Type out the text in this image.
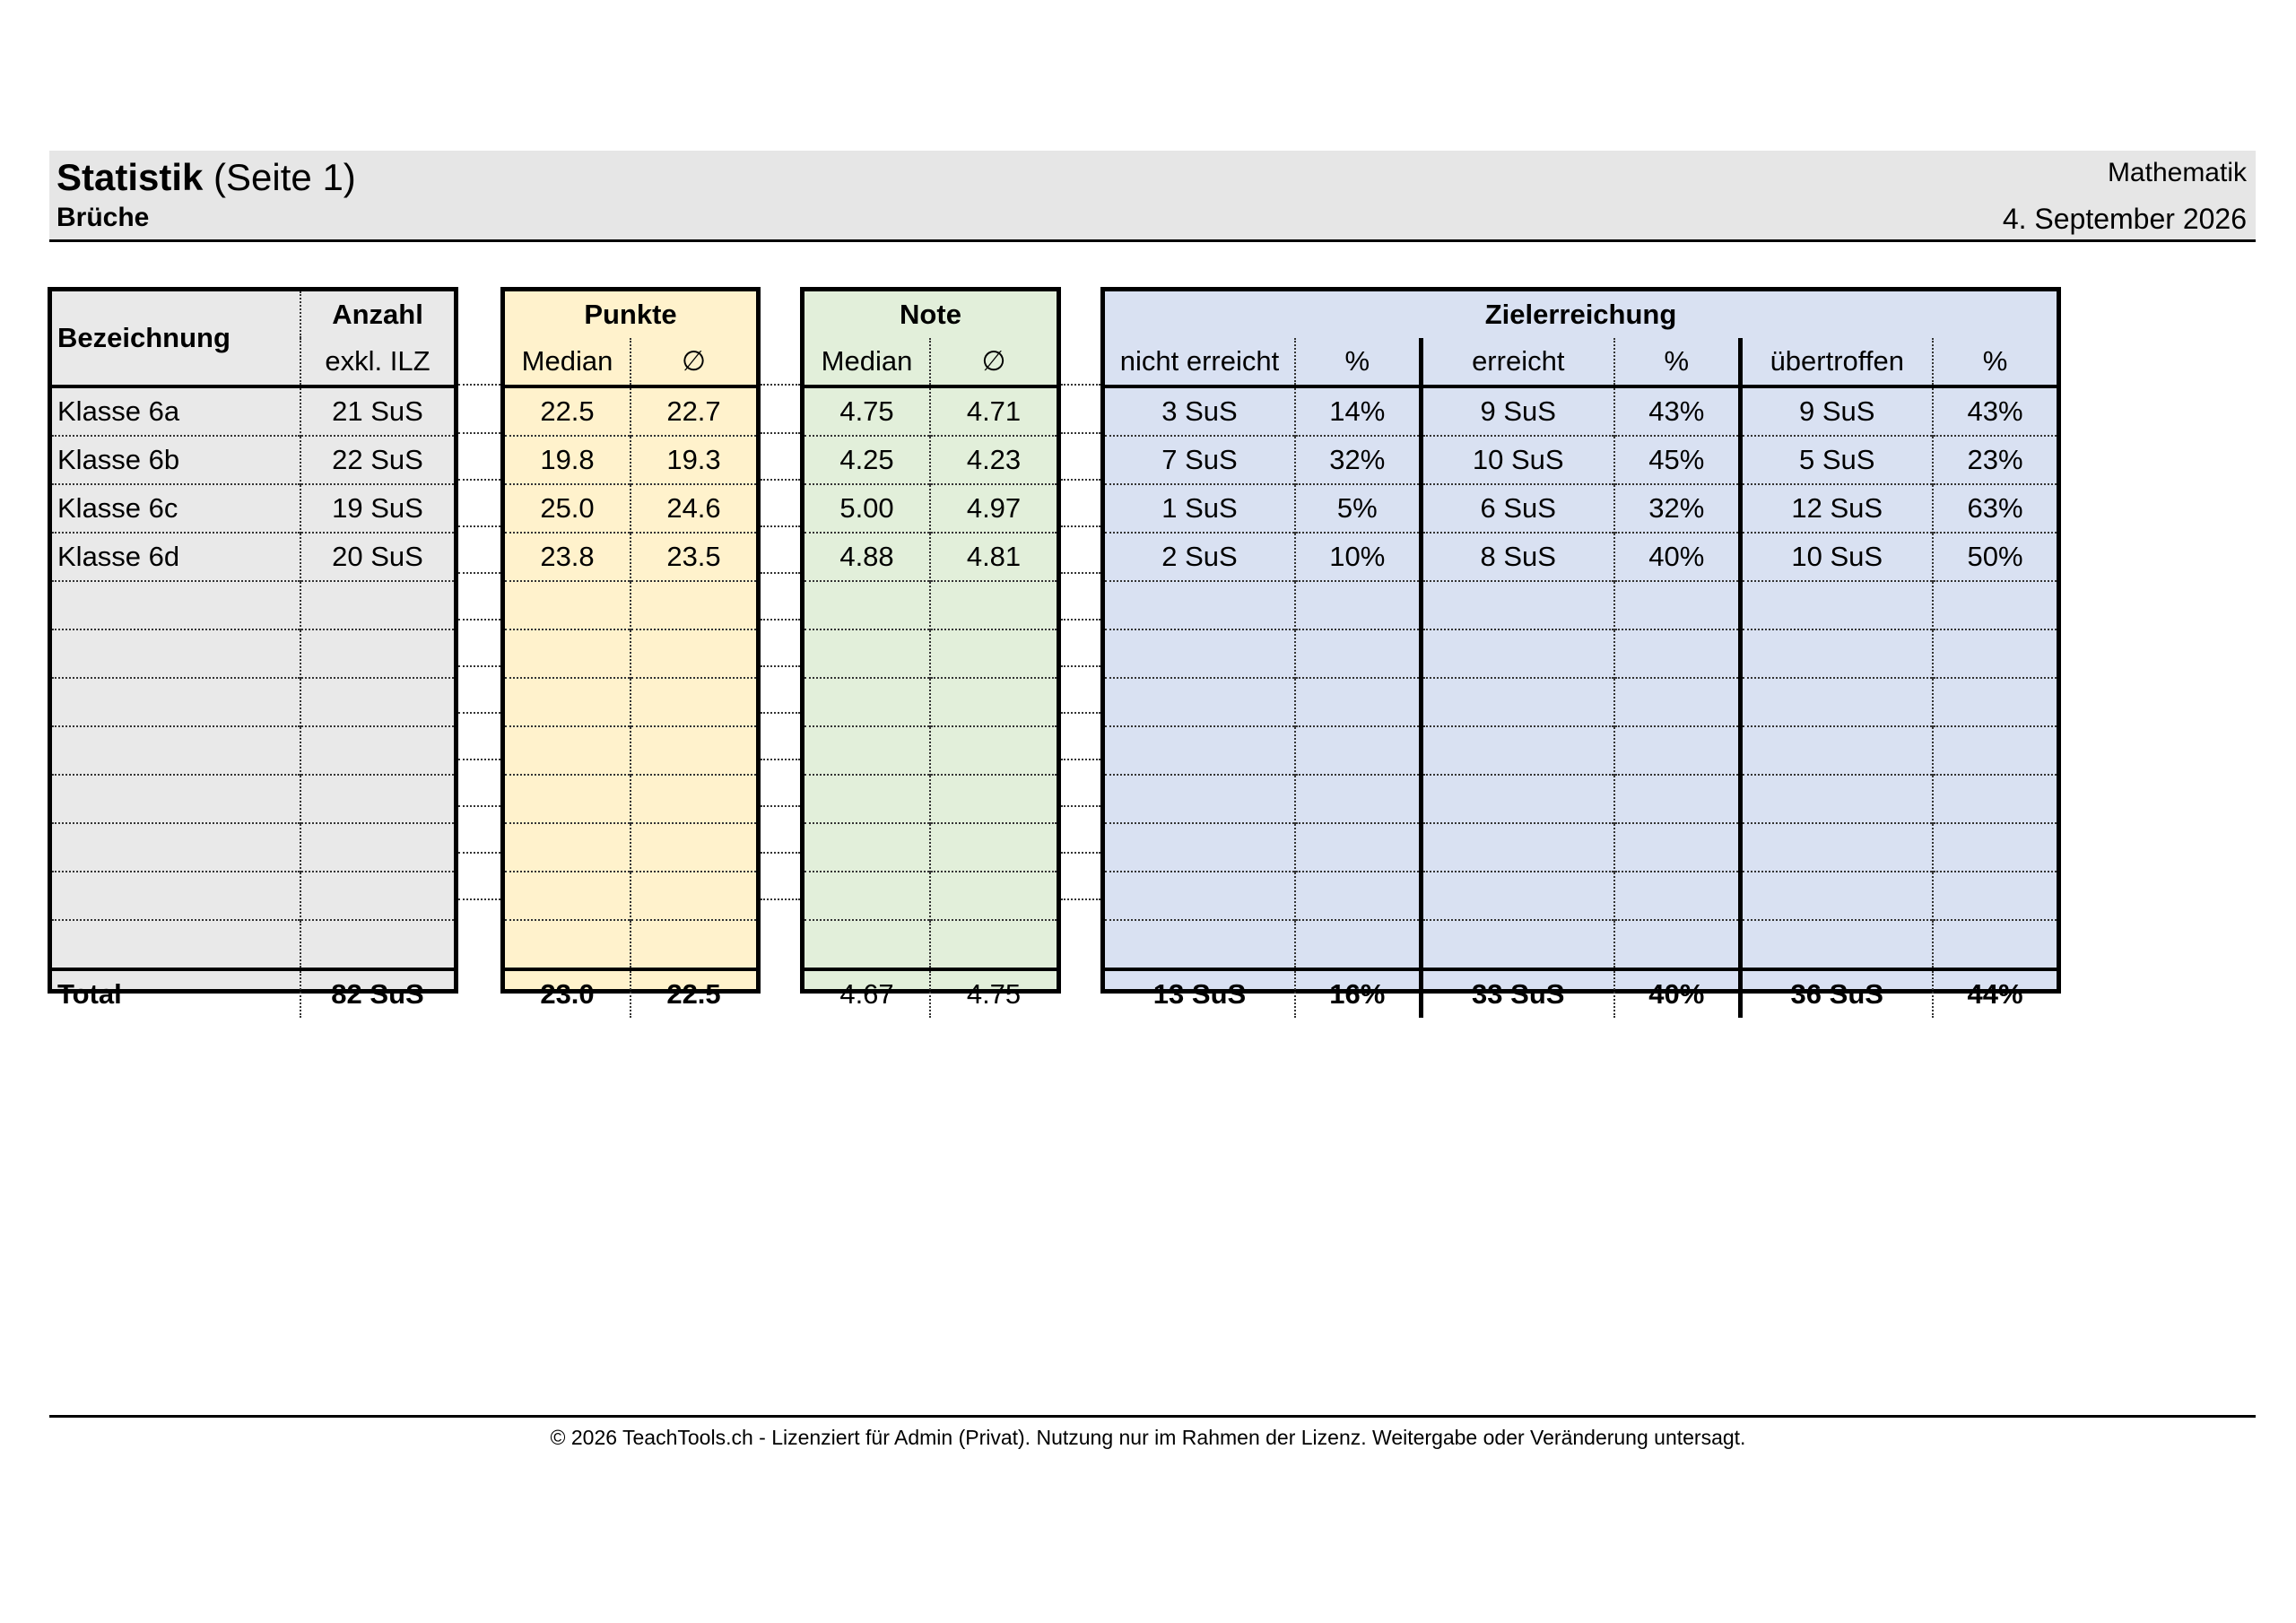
Statistik (Seite 1)
Brüche
Mathematik
4. September 2026
Bezeichnung	Anzahl
	exkl. ILZ
Klasse 6a	21 SuS
Klasse 6b	22 SuS
Klasse 6c	19 SuS
Klasse 6d	20 SuS

Total	82 SuS
Punkte	
Median	∅
22.5	22.7
19.8	19.3
25.0	24.6
23.8	23.5

23.0	22.5
Note	
Median	∅
4.75	4.71
4.25	4.23
5.00	4.97
4.88	4.81

4.67	4.75
Zielerreichung					
nicht erreicht	%	erreicht	%	übertroffen	%
3 SuS	14%	9 SuS	43%	9 SuS	43%
7 SuS	32%	10 SuS	45%	5 SuS	23%
1 SuS	5%	6 SuS	32%	12 SuS	63%
2 SuS	10%	8 SuS	40%	10 SuS	50%

13 SuS	16%	33 SuS	40%	36 SuS	44%
© 2026 TeachTools.ch - Lizenziert für Admin (Privat). Nutzung nur im Rahmen der Lizenz. Weitergabe oder Veränderung untersagt.
